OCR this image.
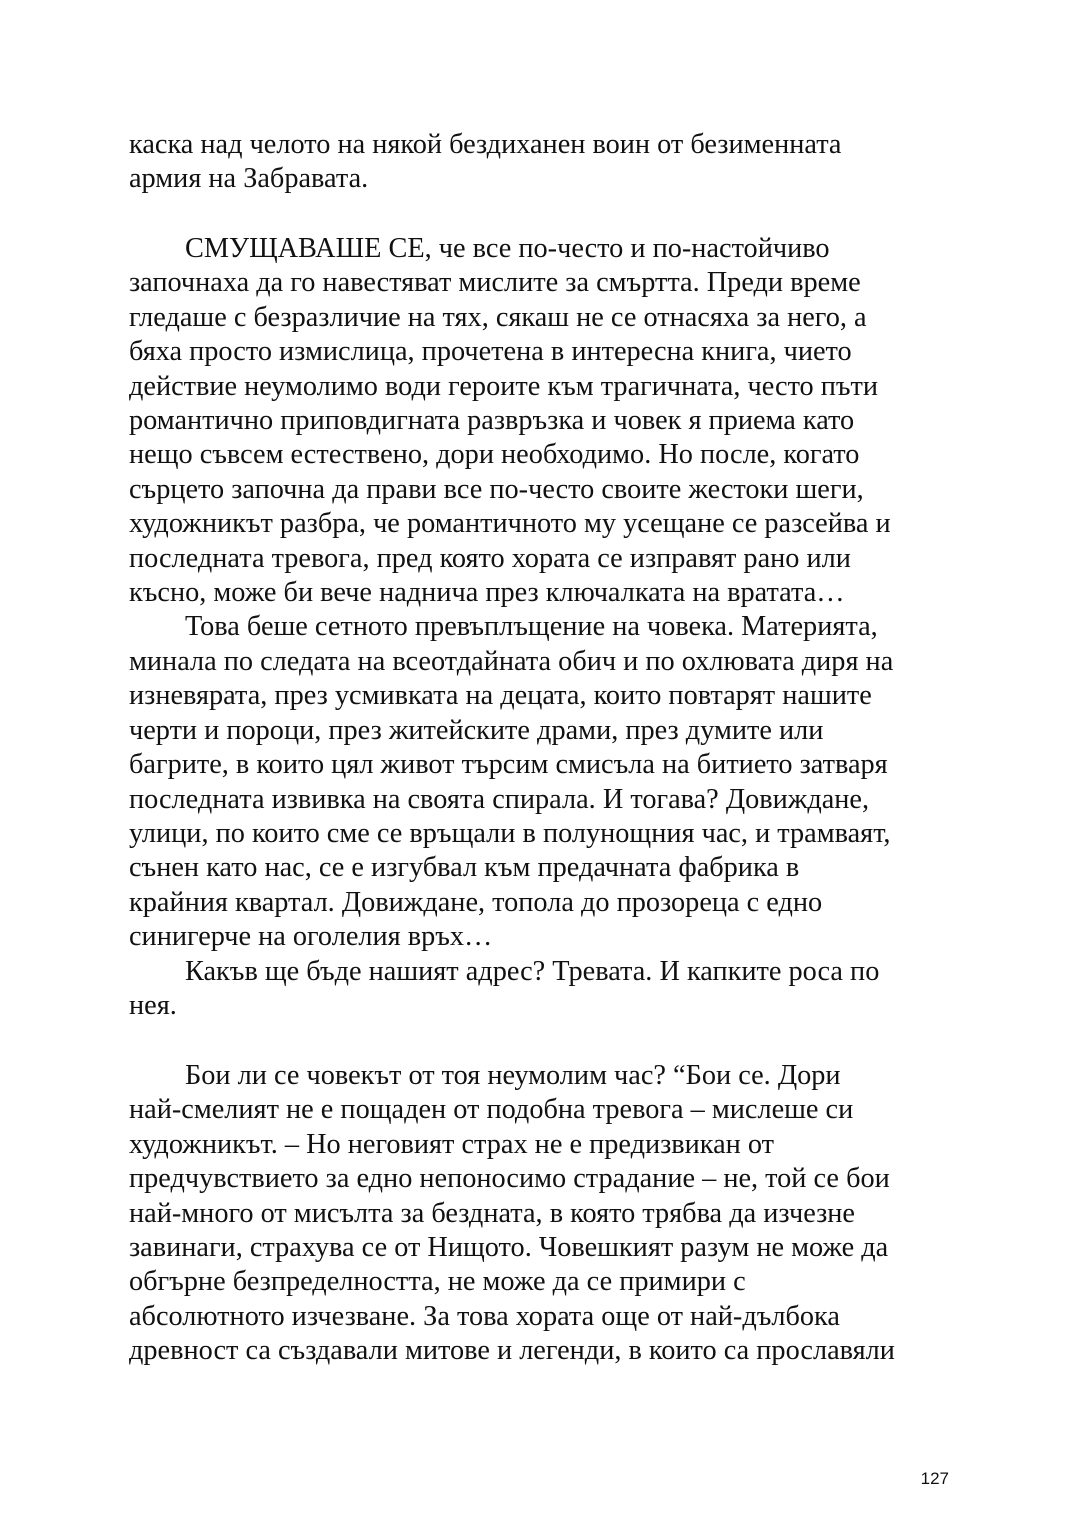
каска над челото на някой бездиханен воин от безименната
армия на Забравата.
СМУЩАВАШЕ СЕ, че все по-често и по-настойчиво
започнаха да го навестяват мислите за смъртта. Преди време
гледаше с безразличие на тях, сякаш не се отнасяха за него, а
бяха просто измислица, прочетена в интересна книга, чието
действие неумолимо води героите към трагичната, често пъти
романтично приповдигната развръзка и човек я приема като
нещо съвсем естествено, дори необходимо. Но после, когато
сърцето започна да прави все по-често своите жестоки шеги,
художникът разбра, че романтичното му усещане се разсейва и
последната тревога, пред която хората се изправят рано или
късно, може би вече надничa през ключалката на вратата…
Това беше сетното превъплъщение на човека. Материята,
минала по следата на всеотдайната обич и по охлювата диря на
изневярата, през усмивката на децата, които повтарят нашите
черти и пороци, през житейските драми, през думите или
багрите, в които цял живот търсим смисъла на битието затваря
последната извивка на своята спирала. И тогава? Довиждане,
улици, по които сме се връщали в полунощния час, и трамваят,
сънен като нас, се е изгубвал към предачната фабрика в
крайния квартал. Довиждане, топола до прозореца с едно
синигерче на оголелия връх…
Какъв ще бъде нашият адрес? Тревата. И капките роса по
нея.
Бои ли се човекът от тоя неумолим час? “Бои се. Дори
най-смелият не е пощаден от подобна тревога – мислеше си
художникът. – Но неговият страх не е предизвикан от
предчувствието за едно непоносимо страдание – не, той се бои
най-много от мисълта за бездната, в която трябва да изчезне
завинаги, страхува се от Нищото. Човешкият разум не може да
обгърне безпределността, не може да се примири с
абсолютното изчезване. За това хората още от най-дълбока
древност са създавали митове и легенди, в които са прославяли
127
